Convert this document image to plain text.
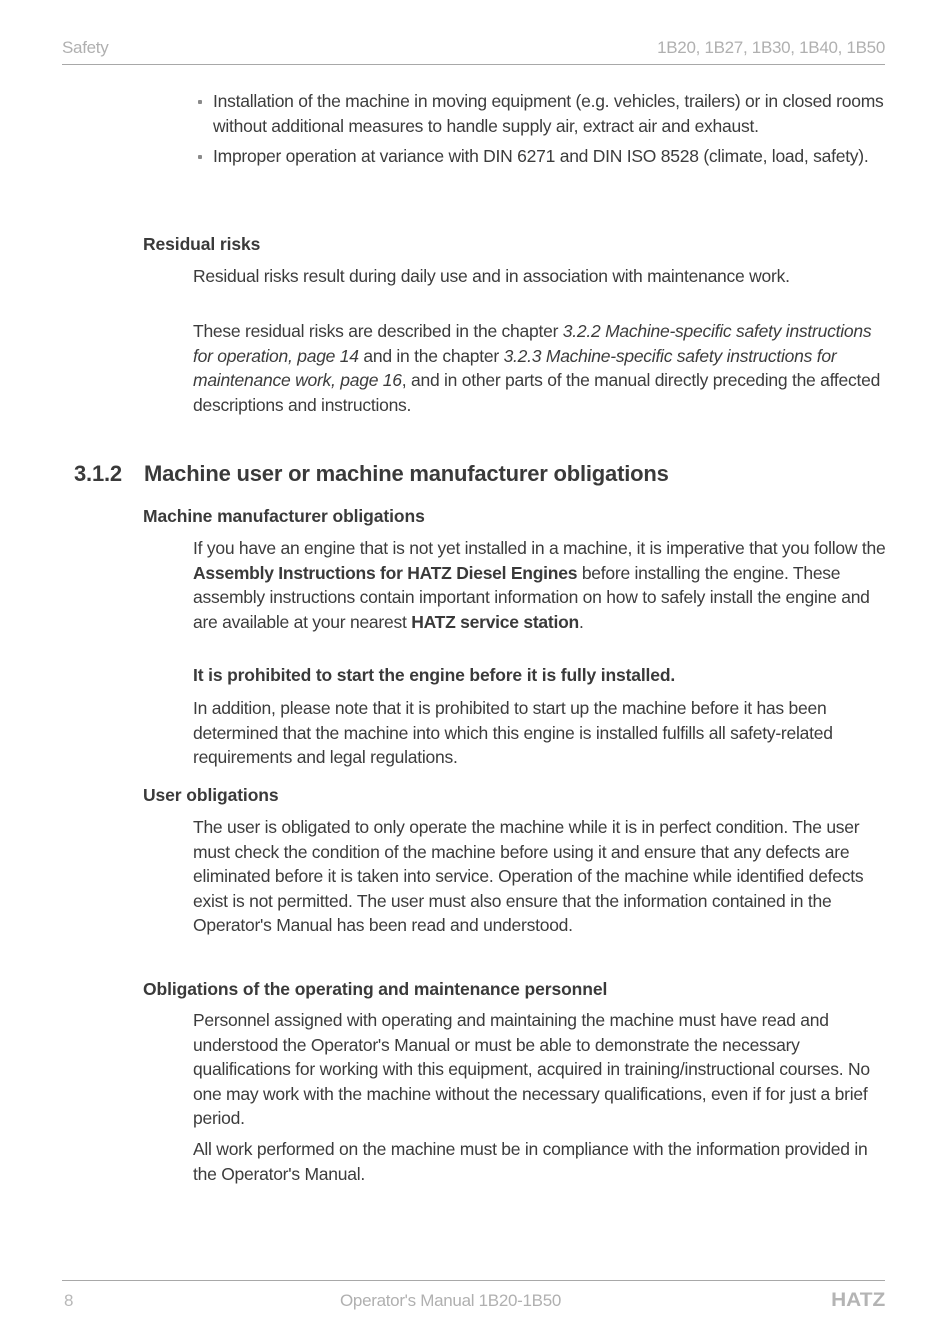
Safety	1B20, 1B27, 1B30, 1B40, 1B50
Installation of the machine in moving equipment (e.g. vehicles, trailers) or in closed rooms without additional measures to handle supply air, extract air and exhaust.
Improper operation at variance with DIN 6271 and DIN ISO 8528 (climate, load, safety).
Residual risks

Residual risks result during daily use and in association with maintenance work.

These residual risks are described in the chapter 3.2.2 Machine-specific safety instructions for operation, page 14 and in the chapter 3.2.3 Machine-specific safety instructions for maintenance work, page 16, and in other parts of the manual directly preceding the affected descriptions and instructions.

3.1.2 Machine user or machine manufacturer obligations
Machine manufacturer obligations

If you have an engine that is not yet installed in a machine, it is imperative that you follow the Assembly Instructions for HATZ Diesel Engines before installing the engine. These assembly instructions contain important information on how to safely install the engine and are available at your nearest HATZ service station.

It is prohibited to start the engine before it is fully installed.

In addition, please note that it is prohibited to start up the machine before it has been determined that the machine into which this engine is installed fulfills all safety-related requirements and legal regulations.

User obligations

The user is obligated to only operate the machine while it is in perfect condition. The user must check the condition of the machine before using it and ensure that any defects are eliminated before it is taken into service. Operation of the machine while identified defects exist is not permitted. The user must also ensure that the information contained in the Operator's Manual has been read and understood.

Obligations of the operating and maintenance personnel

Personnel assigned with operating and maintaining the machine must have read and understood the Operator's Manual or must be able to demonstrate the necessary qualifications for working with this equipment, acquired in training/instructional courses. No one may work with the machine without the necessary qualifications, even if for just a brief period.

All work performed on the machine must be in compliance with the information provided in the Operator's Manual.

8	Operator's Manual 1B20-1B50	HATZ
